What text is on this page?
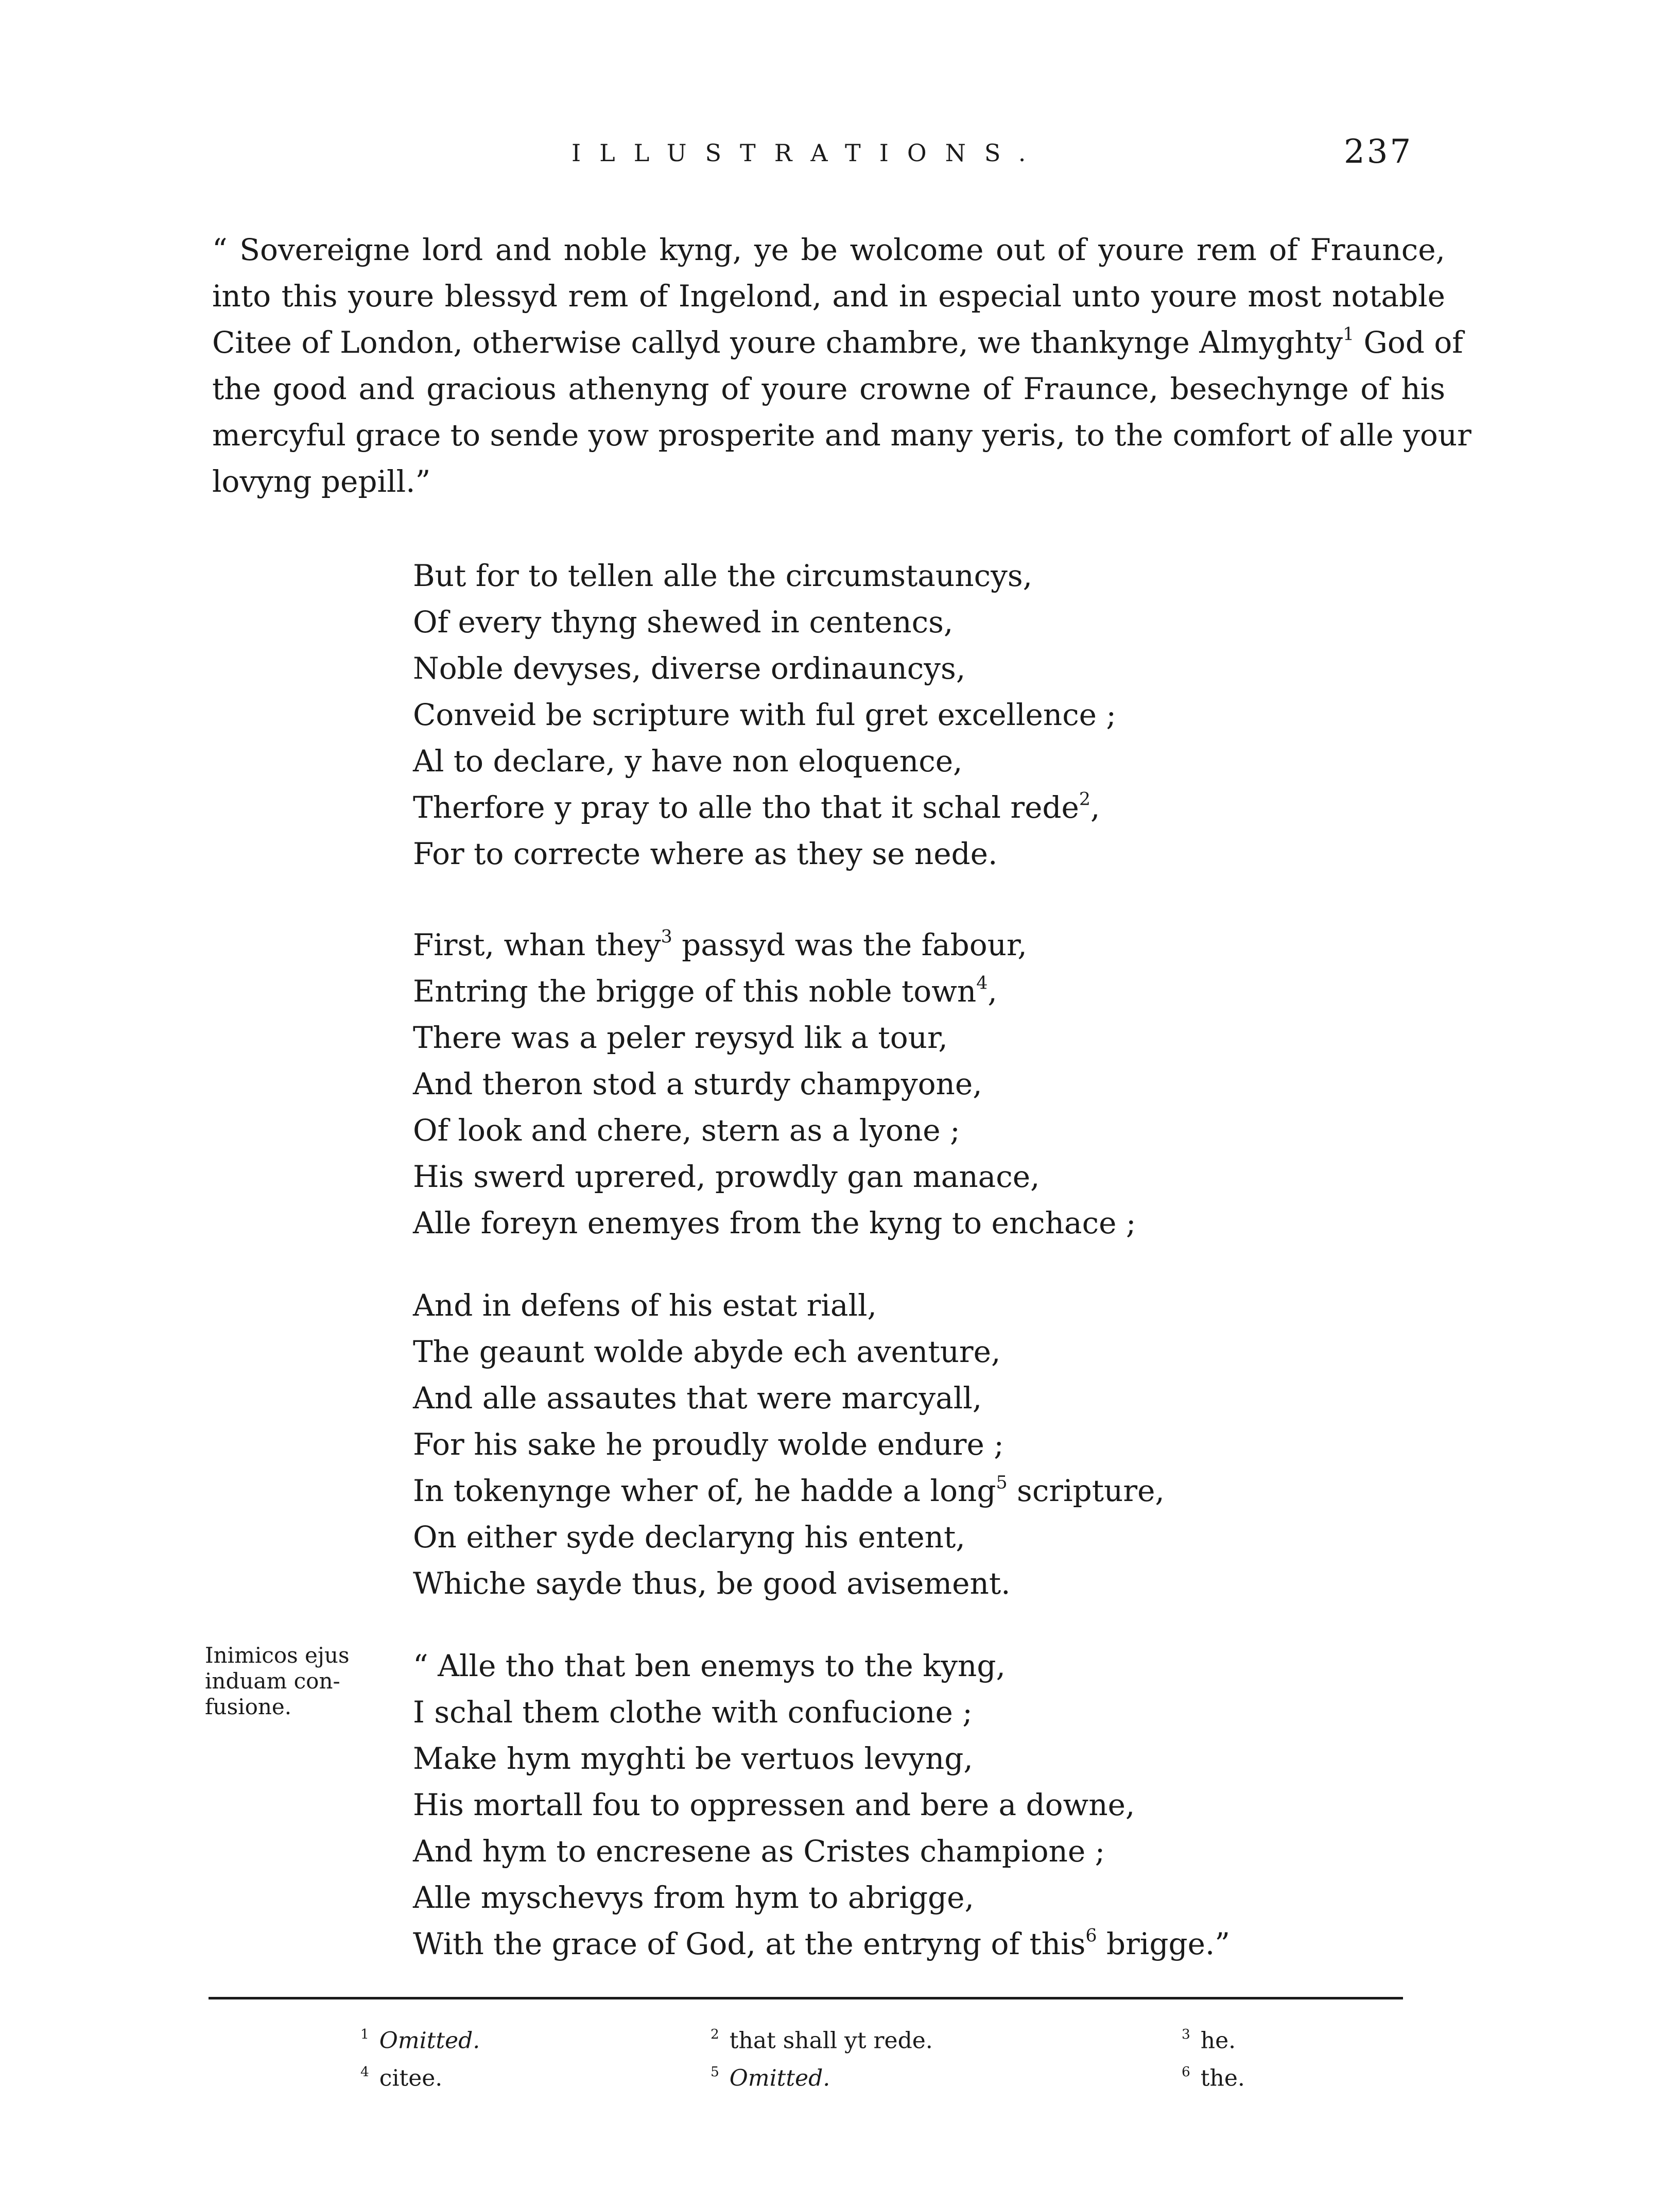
ILLUSTRATIONS.	237

“ Sovereigne lord and noble kyng, ye be wolcome out of youre rem of Fraunce,
into this youre blessyd rem of Ingelond, and in especial unto youre most notable
Citee of London, otherwise callyd youre chambre, we thankynge Almyghty$^1$ God of
the good and gracious athenyng of youre crowne of Fraunce, besechynge of his
mercyful grace to sende yow prosperite and many yeris, to the comfort of alle your
lovyng pepill.”

But for to tellen alle the circumstauncys,
Of every thyng shewed in centencs,
Noble devyses, diverse ordinauncys,
Conveid be scripture with ful gret excellence ;
Al to declare, y have non eloquence,
Therfore y pray to alle tho that it schal rede$^2$,
For to correcte where as they se nede.

First, whan they$^3$ passyd was the fabour,
Entring the brigge of this noble town$^4$,
There was a peler reysyd lik a tour,
And theron stod a sturdy champyone,
Of look and chere, stern as a lyone ;
His swerd uprered, prowdly gan manace,
Alle foreyn enemyes from the kyng to enchace ;

And in defens of his estat riall,
The geaunt wolde abyde ech aventure,
And alle assautes that were marcyall,
For his sake he proudly wolde endure ;
In tokenynge wher of, he hadde a long$^5$ scripture,
On either syde declaryng his entent,
Whiche sayde thus, be good avisement.

Inimicos ejus
induam con-
fusione.

“ Alle tho that ben enemys to the kyng,
I schal them clothe with confucione ;
Make hym myghti be vertuos levyng,
His mortall fou to oppressen and bere a downe,
And hym to encresene as Cristes champione ;
Alle myschevys from hym to abrigge,
With the grace of God, at the entryng of this$^6$ brigge.”

$^1$ Omitted.	$^2$ that shall yt rede.	$^3$ he.
$^4$ citee.	$^5$ Omitted.	$^6$ the.
